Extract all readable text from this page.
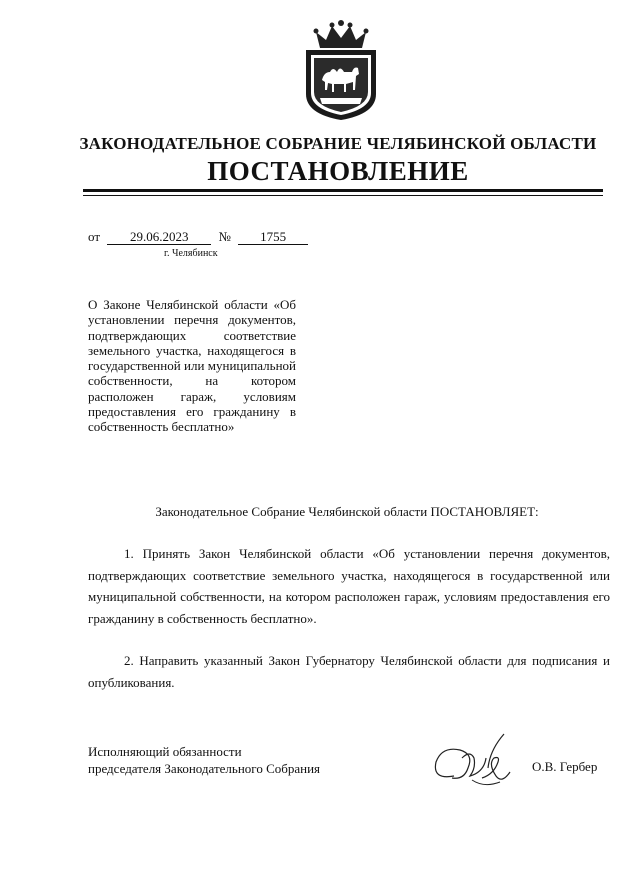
ЗАКОНОДАТЕЛЬНОЕ СОБРАНИЕ ЧЕЛЯБИНСКОЙ ОБЛАСТИ
ПОСТАНОВЛЕНИЕ
от 29.06.2023 № 1755
г. Челябинск
О Законе Челябинской области «Об установлении перечня документов, подтверждающих соответствие земельного участка, находящегося в государственной или муниципальной собственности, на котором расположен гараж, условиям предоставления его гражданину в собственность бесплатно»
Законодательное Собрание Челябинской области ПОСТАНОВЛЯЕТ:
1. Принять Закон Челябинской области «Об установлении перечня документов, подтверждающих соответствие земельного участка, находящегося в государственной или муниципальной собственности, на котором расположен гараж, условиям предоставления его гражданину в собственность бесплатно».
2. Направить указанный Закон Губернатору Челябинской области для подписания и опубликования.
Исполняющий обязанности
председателя Законодательного Собрания	О.В. Гербер
